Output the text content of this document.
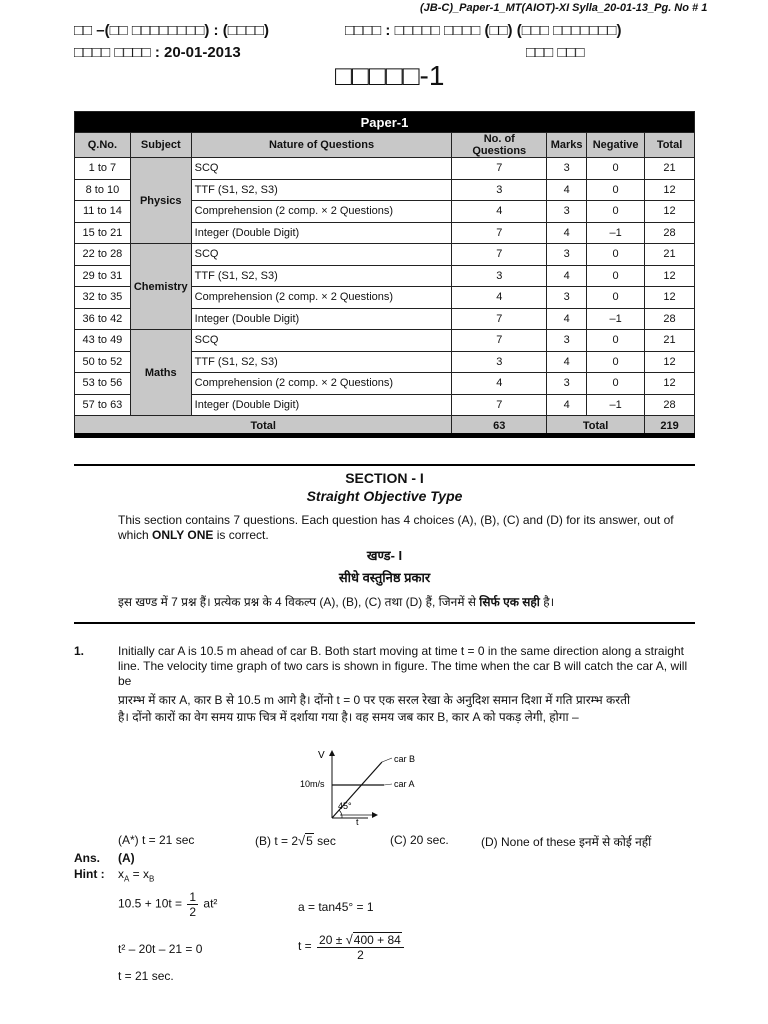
(JB-C)_Paper-1_MT(AIOT)-XI Sylla_20-01-13_Pg. No # 1
□□ –(□□ □□□□□□□□) : (□□□□)
□□□□ □□□□ : 20-01-2013
□□□□ : □□□□□ □□□□ (□□) (□□□ □□□□□□□)
□□□ □□□
□□□□□-1
Paper-1						
Q.No.	Subject	Nature of Questions	No. of Questions	Marks	Negative	Total
1 to 7	Physics	SCQ	7	3	0	21
8 to 10		TTF (S1, S2, S3)	3	4	0	12
11 to 14		Comprehension (2 comp. × 2 Questions)	4	3	0	12
15 to 21		Integer (Double Digit)	7	4	–1	28
22 to 28	Chemistry	SCQ	7	3	0	21
29 to 31		TTF (S1, S2, S3)	3	4	0	12
32 to 35		Comprehension (2 comp. × 2 Questions)	4	3	0	12
36 to 42		Integer (Double Digit)	7	4	–1	28
43 to 49	Maths	SCQ	7	3	0	21
50 to 52		TTF (S1, S2, S3)	3	4	0	12
53 to 56		Comprehension (2 comp. × 2 Questions)	4	3	0	12
57 to 63		Integer (Double Digit)	7	4	–1	28
Total			63	Total		219
SECTION - I
Straight Objective Type
This section contains 7 questions. Each question has 4 choices (A), (B), (C) and (D) for its answer, out of
which ONLY ONE is correct.
खण्ड- I
सीधे वस्तुनिष्ठ प्रकार
इस खण्ड में 7 प्रश्न हैं। प्रत्येक प्रश्न के 4 विकल्प (A), (B), (C) तथा (D) हैं, जिनमें से सिर्फ एक सही है।
1.	Initially car A is 10.5 m ahead of car B. Both start moving at time t = 0 in the same direction along a straight
line. The velocity time graph of two cars is shown in figure. The time when the car B will catch the car A, will
be
प्रारम्भ में कार A, कार B से 10.5 m आगे है। दोंनो t = 0 पर एक सरल रेखा के अनुदिश समान दिशा में गति प्रारम्भ करती
है। दोंनो कारों का वेग समय ग्राफ चित्र में दर्शाया गया है। वह समय जब कार B, कार A को पकड़ लेगी, होगा –
V
t
car B
car A
10m/s
45°
(A*) t = 21 sec	(B) t = 2√5 sec	(C) 20 sec.	(D) None of these इनमें से कोई नहीं
Ans. (A)
Hint : $x_A = x_B$
$10.5 + 10t = \frac{1}{2} at^2$	a = tan45° = 1
t² – 20t – 21 = 0	$t = \frac{20 \pm √400 + 84}{2}$
t = 21 sec.
